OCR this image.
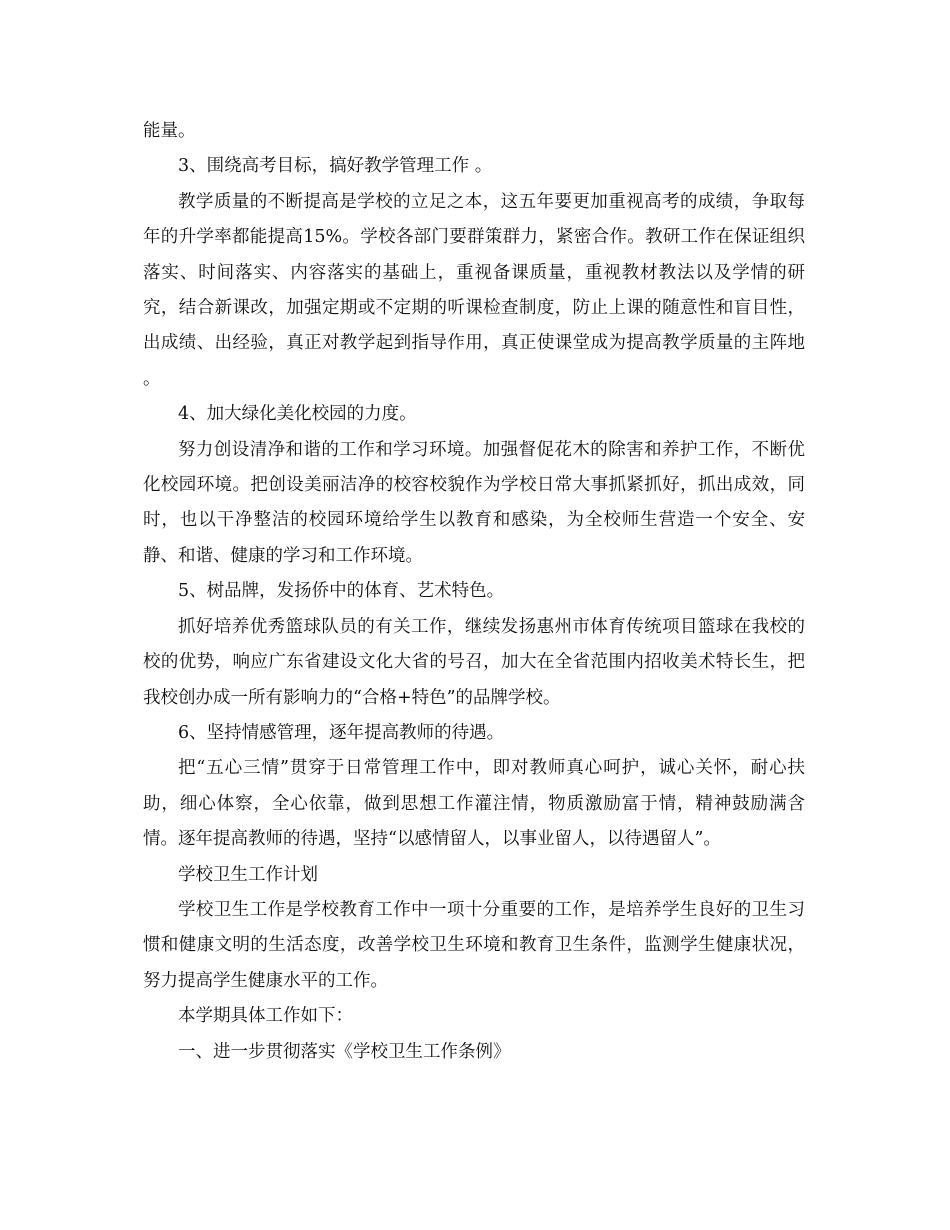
能量。

3、围绕高考目标，搞好教学管理工作 。

教学质量的不断提高是学校的立足之本，这五年要更加重视高考的成绩，争取每年的升学率都能提高15%。学校各部门要群策群力，紧密合作。教研工作在保证组织落实、时间落实、内容落实的基础上，重视备课质量，重视教材教法以及学情的研究，结合新课改，加强定期或不定期的听课检查制度，防止上课的随意性和盲目性，出成绩、出经验，真正对教学起到指导作用，真正使课堂成为提高教学质量的主阵地 。

4、加大绿化美化校园的力度。

努力创设清净和谐的工作和学习环境。加强督促花木的除害和养护工作，不断优化校园环境。把创设美丽洁净的校容校貌作为学校日常大事抓紧抓好，抓出成效，同时，也以干净整洁的校园环境给学生以教育和感染，为全校师生营造一个安全、安静、和谐、健康的学习和工作环境。

5、树品牌，发扬侨中的体育、艺术特色。

抓好培养优秀篮球队员的有关工作，继续发扬惠州市体育传统项目篮球在我校的校的优势，响应广东省建设文化大省的号召，加大在全省范围内招收美术特长生，把我校创办成一所有影响力的“合格+特色”的品牌学校。

6、坚持情感管理，逐年提高教师的待遇。

把“五心三情”贯穿于日常管理工作中，即对教师真心呵护，诚心关怀，耐心扶助，细心体察，全心依靠，做到思想工作灌注情，物质激励富于情，精神鼓励满含情。逐年提高教师的待遇，坚持“以感情留人，以事业留人，以待遇留人”。

学校卫生工作计划

学校卫生工作是学校教育工作中一项十分重要的工作，是培养学生良好的卫生习惯和健康文明的生活态度，改善学校卫生环境和教育卫生条件，监测学生健康状况，努力提高学生健康水平的工作。

本学期具体工作如下：

一、进一步贯彻落实《学校卫生工作条例》
